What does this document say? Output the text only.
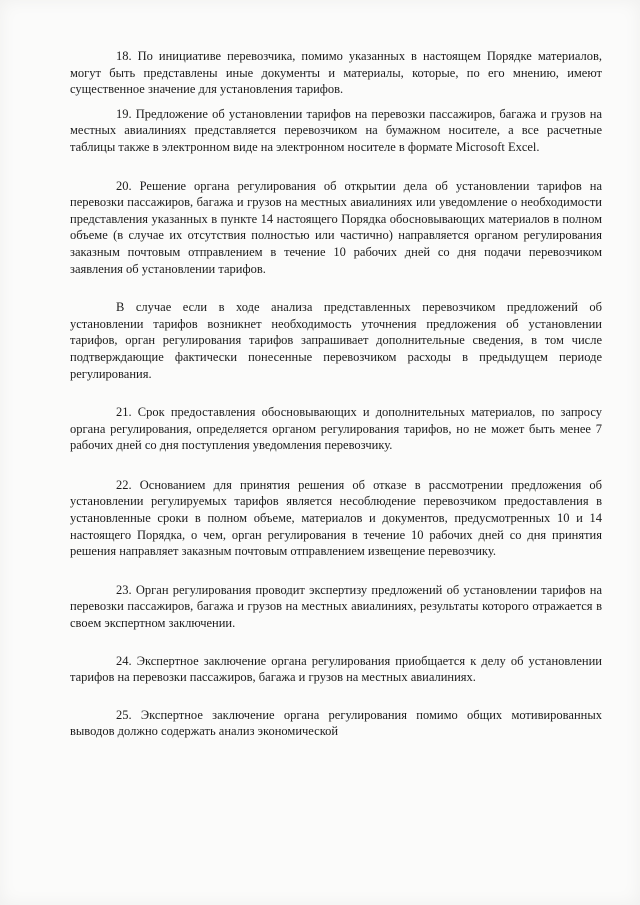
18. По инициативе перевозчика, помимо указанных в настоящем Порядке материалов, могут быть представлены иные документы и материалы, которые, по его мнению, имеют существенное значение для установления тарифов.

19. Предложение об установлении тарифов на перевозки пассажиров, багажа и грузов на местных авиалиниях представляется перевозчиком на бумажном носителе, а все расчетные таблицы также в электронном виде на электронном носителе в формате Microsoft Excel.

20. Решение органа регулирования об открытии дела об установлении тарифов на перевозки пассажиров, багажа и грузов на местных авиалиниях или уведомление о необходимости представления указанных в пункте 14 настоящего Порядка обосновывающих материалов в полном объеме (в случае их отсутствия полностью или частично) направляется органом регулирования заказным почтовым отправлением в течение 10 рабочих дней со дня подачи перевозчиком заявления об установлении тарифов.

В случае если в ходе анализа представленных перевозчиком предложений об установлении тарифов возникнет необходимость уточнения предложения об установлении тарифов, орган регулирования тарифов запрашивает дополнительные сведения, в том числе подтверждающие фактически понесенные перевозчиком расходы в предыдущем периоде регулирования.

21. Срок предоставления обосновывающих и дополнительных материалов, по запросу органа регулирования, определяется органом регулирования тарифов, но не может быть менее 7 рабочих дней со дня поступления уведомления перевозчику.

22. Основанием для принятия решения об отказе в рассмотрении предложения об установлении регулируемых тарифов является несоблюдение перевозчиком предоставления в установленные сроки в полном объеме, материалов и документов, предусмотренных 10 и 14 настоящего Порядка, о чем, орган регулирования в течение 10 рабочих дней со дня принятия решения направляет заказным почтовым отправлением извещение перевозчику.

23. Орган регулирования проводит экспертизу предложений об установлении тарифов на перевозки пассажиров, багажа и грузов на местных авиалиниях, результаты которого отражается в своем экспертном заключении.

24. Экспертное заключение органа регулирования приобщается к делу об установлении тарифов на перевозки пассажиров, багажа и грузов на местных авиалиниях.

25. Экспертное заключение органа регулирования помимо общих мотивированных выводов должно содержать анализ экономической
